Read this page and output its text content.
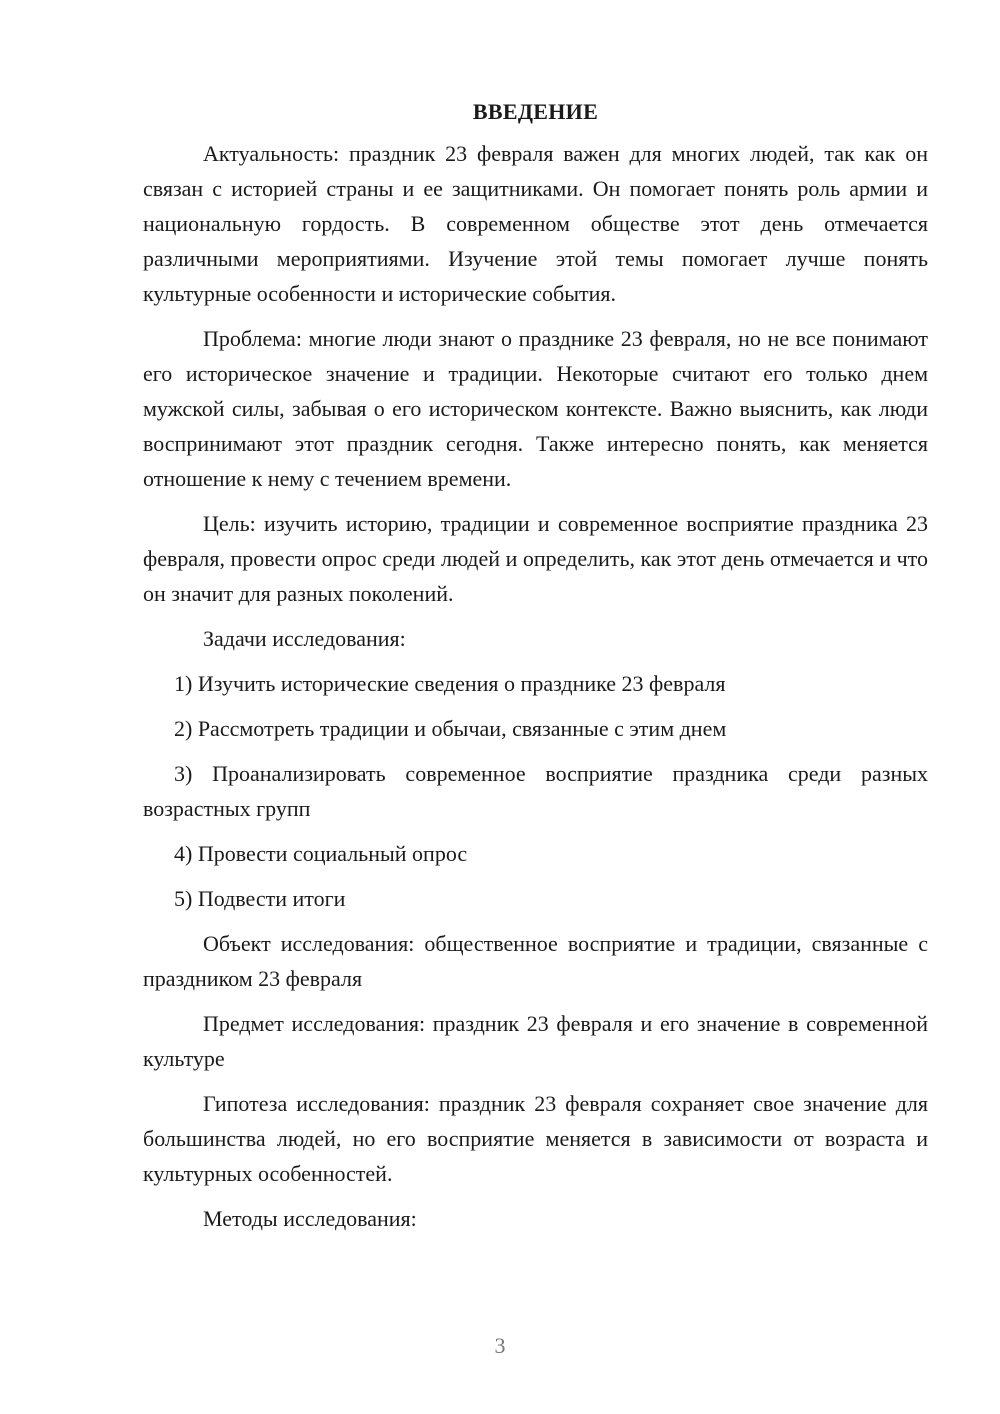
ВВЕДЕНИЕ

Актуальность: праздник 23 февраля важен для многих людей, так как он связан с историей страны и ее защитниками. Он помогает понять роль армии и национальную гордость. В современном обществе этот день отмечается различными мероприятиями. Изучение этой темы помогает лучше понять культурные особенности и исторические события.

Проблема: многие люди знают о празднике 23 февраля, но не все понимают его историческое значение и традиции. Некоторые считают его только днем мужской силы, забывая о его историческом контексте. Важно выяснить, как люди воспринимают этот праздник сегодня. Также интересно понять, как меняется отношение к нему с течением времени.

Цель: изучить историю, традиции и современное восприятие праздника 23 февраля, провести опрос среди людей и определить, как этот день отмечается и что он значит для разных поколений.

Задачи исследования:

1) Изучить исторические сведения о празднике 23 февраля

2) Рассмотреть традиции и обычаи, связанные с этим днем

3) Проанализировать современное восприятие праздника среди разных возрастных групп

4) Провести социальный опрос

5) Подвести итоги

Объект исследования: общественное восприятие и традиции, связанные с праздником 23 февраля

Предмет исследования: праздник 23 февраля и его значение в современной культуре

Гипотеза исследования: праздник 23 февраля сохраняет свое значение для большинства людей, но его восприятие меняется в зависимости от возраста и культурных особенностей.

Методы исследования:

3
